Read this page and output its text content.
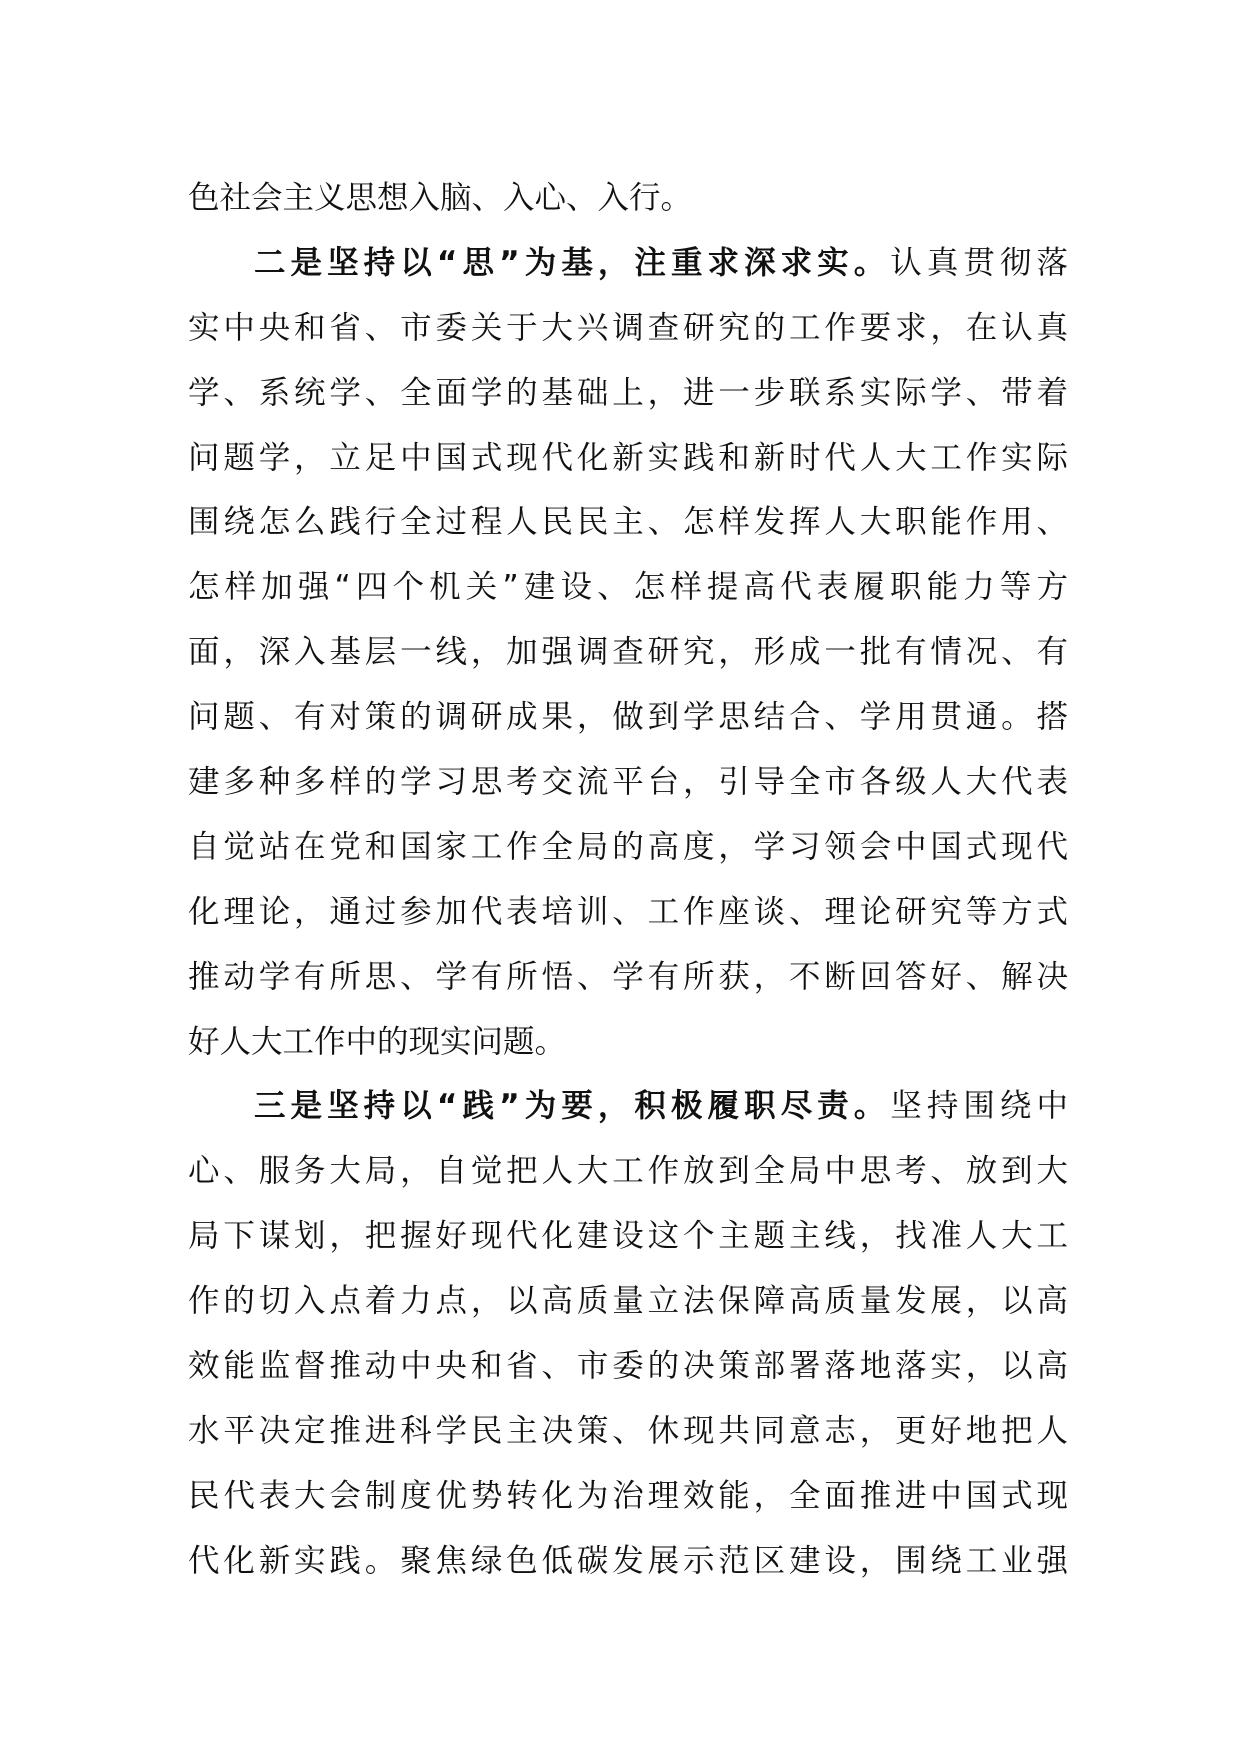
色社会主义思想入脑、入心、入行。
二是坚持以“思”为基，注重求深求实。认真贯彻落
实中央和省、市委关于大兴调查研究的工作要求，在认真
学、系统学、全面学的基础上，进一步联系实际学、带着
问题学，立足中国式现代化新实践和新时代人大工作实际
围绕怎么践行全过程人民民主、怎样发挥人大职能作用、
怎样加强“四个机关”建设、怎样提高代表履职能力等方
面，深入基层一线，加强调查研究，形成一批有情况、有
问题、有对策的调研成果，做到学思结合、学用贯通。搭
建多种多样的学习思考交流平台，引导全市各级人大代表
自觉站在党和国家工作全局的高度，学习领会中国式现代
化理论，通过参加代表培训、工作座谈、理论研究等方式
推动学有所思、学有所悟、学有所获，不断回答好、解决
好人大工作中的现实问题。
三是坚持以“践”为要，积极履职尽责。坚持围绕中
心、服务大局，自觉把人大工作放到全局中思考、放到大
局下谋划，把握好现代化建设这个主题主线，找准人大工
作的切入点着力点，以高质量立法保障高质量发展，以高
效能监督推动中央和省、市委的决策部署落地落实，以高
水平决定推进科学民主决策、休现共同意志，更好地把人
民代表大会制度优势转化为治理效能，全面推进中国式现
代化新实践。聚焦绿色低碳发展示范区建设，围绕工业强
